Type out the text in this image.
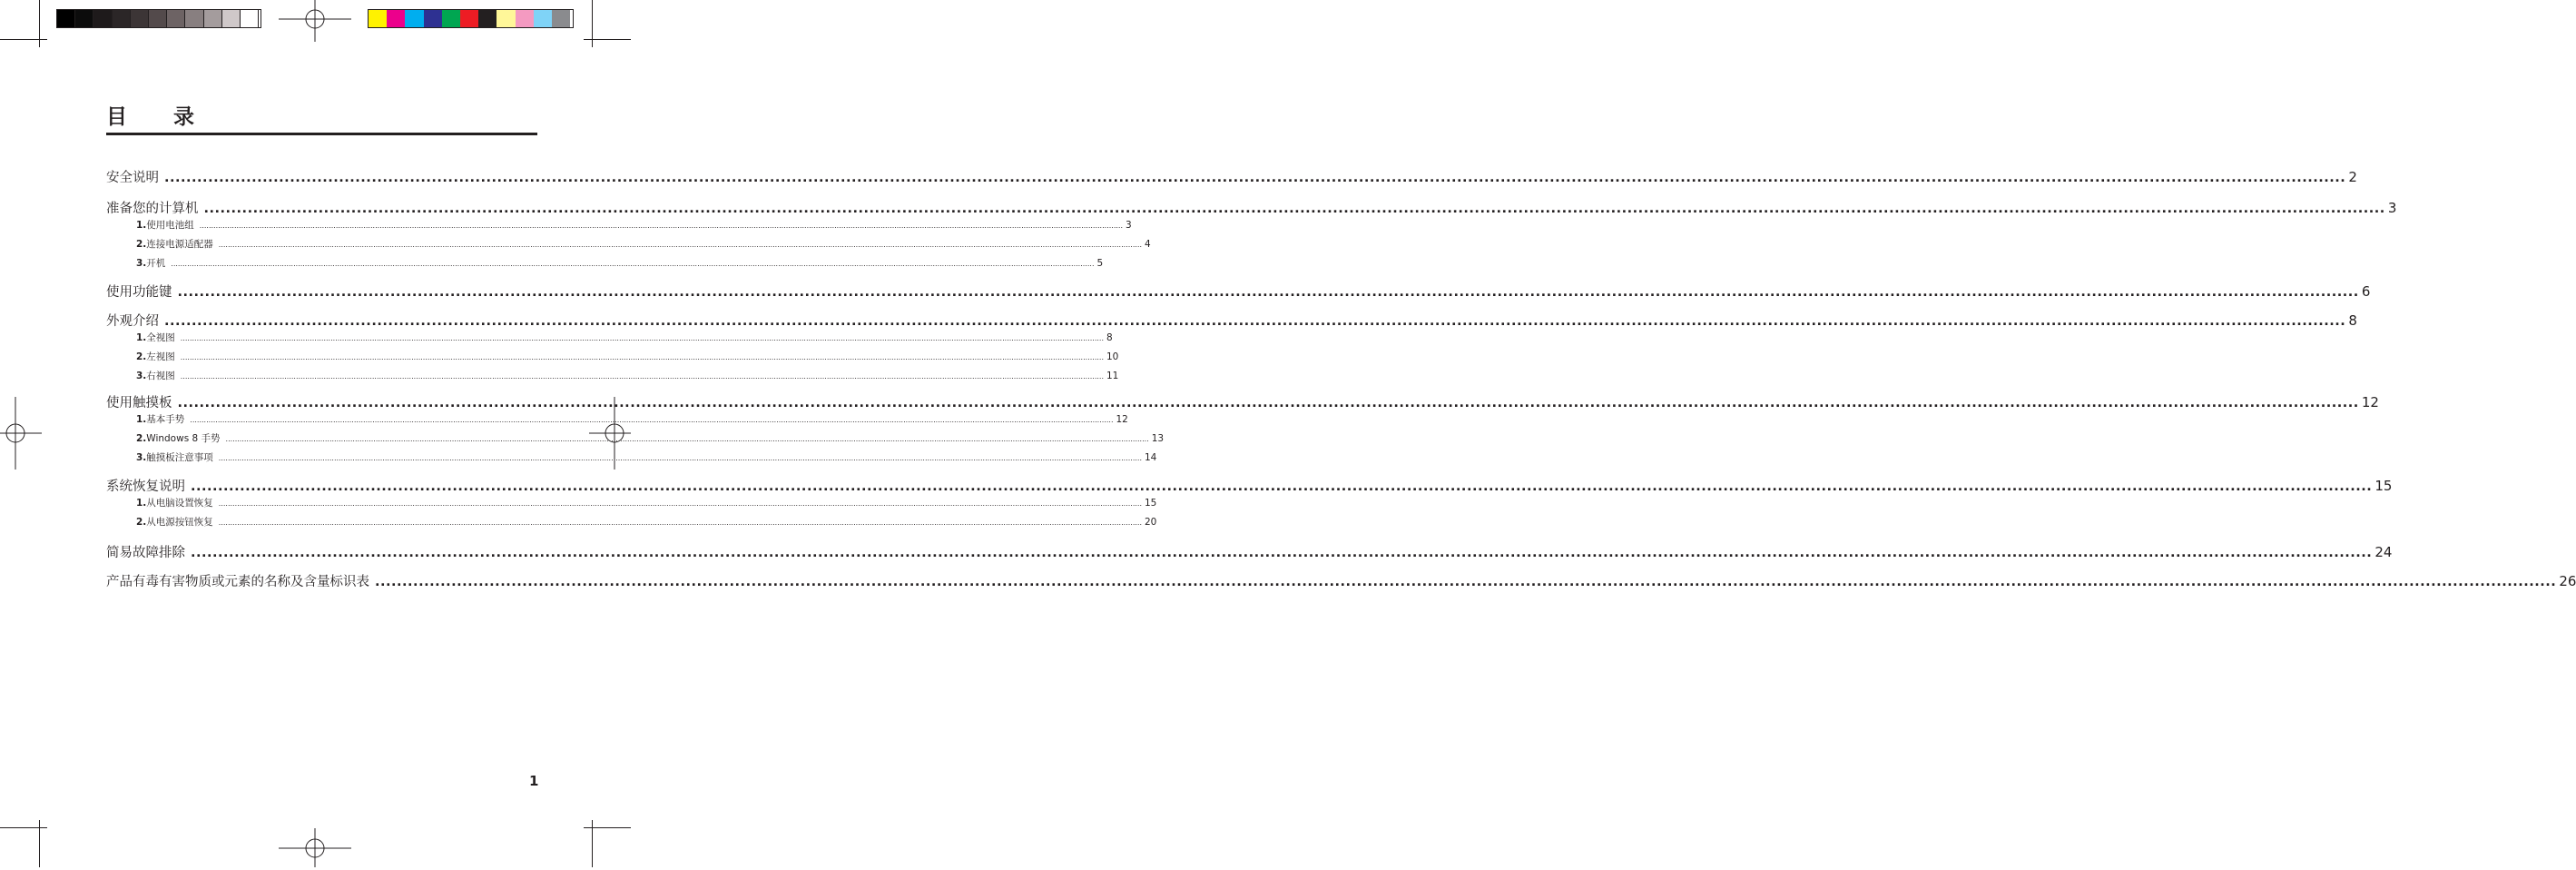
目　录
安全说明 ................................................................................................................................................................................................................................................................................................................................................................................................................ 2
准备您的计算机 ................................................................................................................................................................................................................................................................................................................................................................................................................ 3
1. 使用电池组 ................................................................................................................................................................................................................................................................................................................................................................................................................ 3
2. 连接电源适配器 ................................................................................................................................................................................................................................................................................................................................................................................................................ 4
3. 开机 ................................................................................................................................................................................................................................................................................................................................................................................................................ 5
使用功能键 ................................................................................................................................................................................................................................................................................................................................................................................................................ 6
外观介绍 ................................................................................................................................................................................................................................................................................................................................................................................................................ 8
1. 全视图 ................................................................................................................................................................................................................................................................................................................................................................................................................ 8
2. 左视图 ................................................................................................................................................................................................................................................................................................................................................................................................................ 10
3. 右视图 ................................................................................................................................................................................................................................................................................................................................................................................................................ 11
使用触摸板 ................................................................................................................................................................................................................................................................................................................................................................................................................ 12
1. 基本手势 ................................................................................................................................................................................................................................................................................................................................................................................................................ 12
2. Windows 8 手势 ................................................................................................................................................................................................................................................................................................................................................................................................................ 13
3. 触摸板注意事项 ................................................................................................................................................................................................................................................................................................................................................................................................................ 14
系统恢复说明 ................................................................................................................................................................................................................................................................................................................................................................................................................ 15
1. 从电脑设置恢复 ................................................................................................................................................................................................................................................................................................................................................................................................................ 15
2. 从电源按钮恢复 ................................................................................................................................................................................................................................................................................................................................................................................................................ 20
简易故障排除 ................................................................................................................................................................................................................................................................................................................................................................................................................ 24
产品有毒有害物质或元素的名称及含量标识表 ................................................................................................................................................................................................................................................................................................................................................................................................................ 26
1
